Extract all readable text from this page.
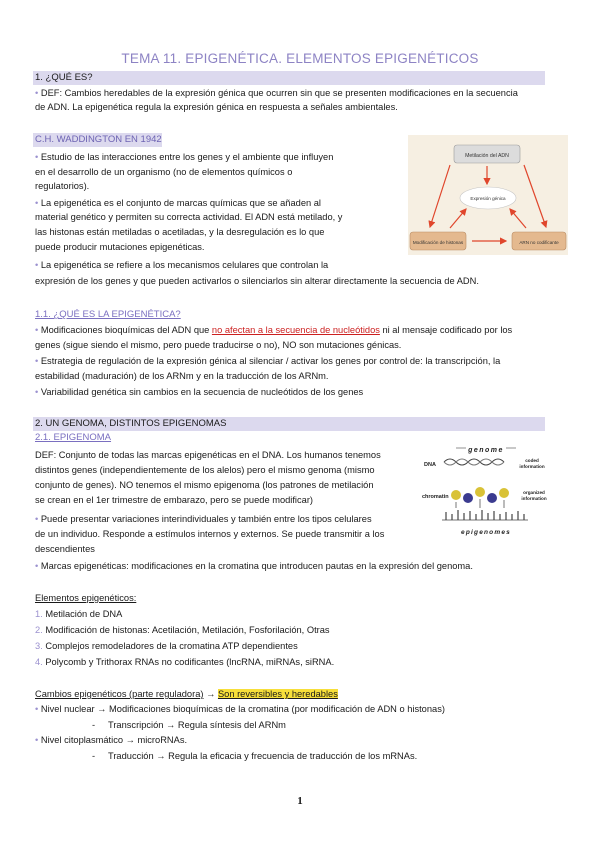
TEMA 11. EPIGENÉTICA. ELEMENTOS EPIGENÉTICOS
1. ¿QUÉ ES?
• DEF: Cambios heredables de la expresión génica que ocurren sin que se presenten modificaciones en la secuencia
de ADN. La epigenética regula la expresión génica en respuesta a señales ambientales.
C.H. WADDINGTON EN 1942
• Estudio de las interacciones entre los genes y el ambiente que influyen
en el desarrollo de un organismo (no de elementos químicos o
regulatorios).
• La epigenética es el conjunto de marcas químicas que se añaden al
material genético y permiten su correcta actividad. El ADN está metilado, y
las histonas están metiladas o acetiladas, y la desregulación es lo que
puede producir mutaciones epigenéticas.
• La epigenética se refiere a los mecanismos celulares que controlan la
expresión de los genes y que pueden activarlos o silenciarlos sin alterar directamente la secuencia de ADN.
Metilación del ADN
Expresión génica
Modificación de histonas	ARN no codificante
1.1. ¿QUÉ ES LA EPIGENÉTICA?
• Modificaciones bioquímicas del ADN que no afectan a la secuencia de nucleótidos ni al mensaje codificado por los
genes (sigue siendo el mismo, pero puede traducirse o no), NO son mutaciones génicas.
• Estrategia de regulación de la expresión génica al silenciar / activar los genes por control de: la transcripción, la
estabilidad (maduración) de los ARNm y en la traducción de los ARNm.
• Variabilidad genética sin cambios en la secuencia de nucleótidos de los genes
2. UN GENOMA, DISTINTOS EPIGENOMAS
2.1. EPIGENOMA
DEF: Conjunto de todas las marcas epigenéticas en el DNA. Los humanos tenemos
distintos genes (independientemente de los alelos) pero el mismo genoma (mismo
conjunto de genes). NO tenemos el mismo epigenoma (los patrones de metilación
se crean en el 1er trimestre de embarazo, pero se puede modificar)
• Puede presentar variaciones interindividuales y también entre los tipos celulares
de un individuo. Responde a estímulos internos y externos. Se puede transmitir a los
descendientes
• Marcas epigenéticas: modificaciones en la cromatina que introducen pautas en la expresión del genoma.
genome
DNA
coded
information
chromatin
organized
information
epigenomes
Elementos epigenéticos:
1. Metilación de DNA
2. Modificación de histonas: Acetilación, Metilación, Fosforilación, Otras
3. Complejos remodeladores de la cromatina ATP dependientes
4. Polycomb y Trithorax RNAs no codificantes (lncRNA, miRNAs, siRNA.
Cambios epigenéticos (parte reguladora) → Son reversibles y heredables
• Nivel nuclear → Modificaciones bioquímicas de la cromatina (por modificación de ADN o histonas)
- Transcripción → Regula síntesis del ARNm
• Nivel citoplasmático → microRNAs.
- Traducción → Regula la eficacia y frecuencia de traducción de los mRNAs.
1
